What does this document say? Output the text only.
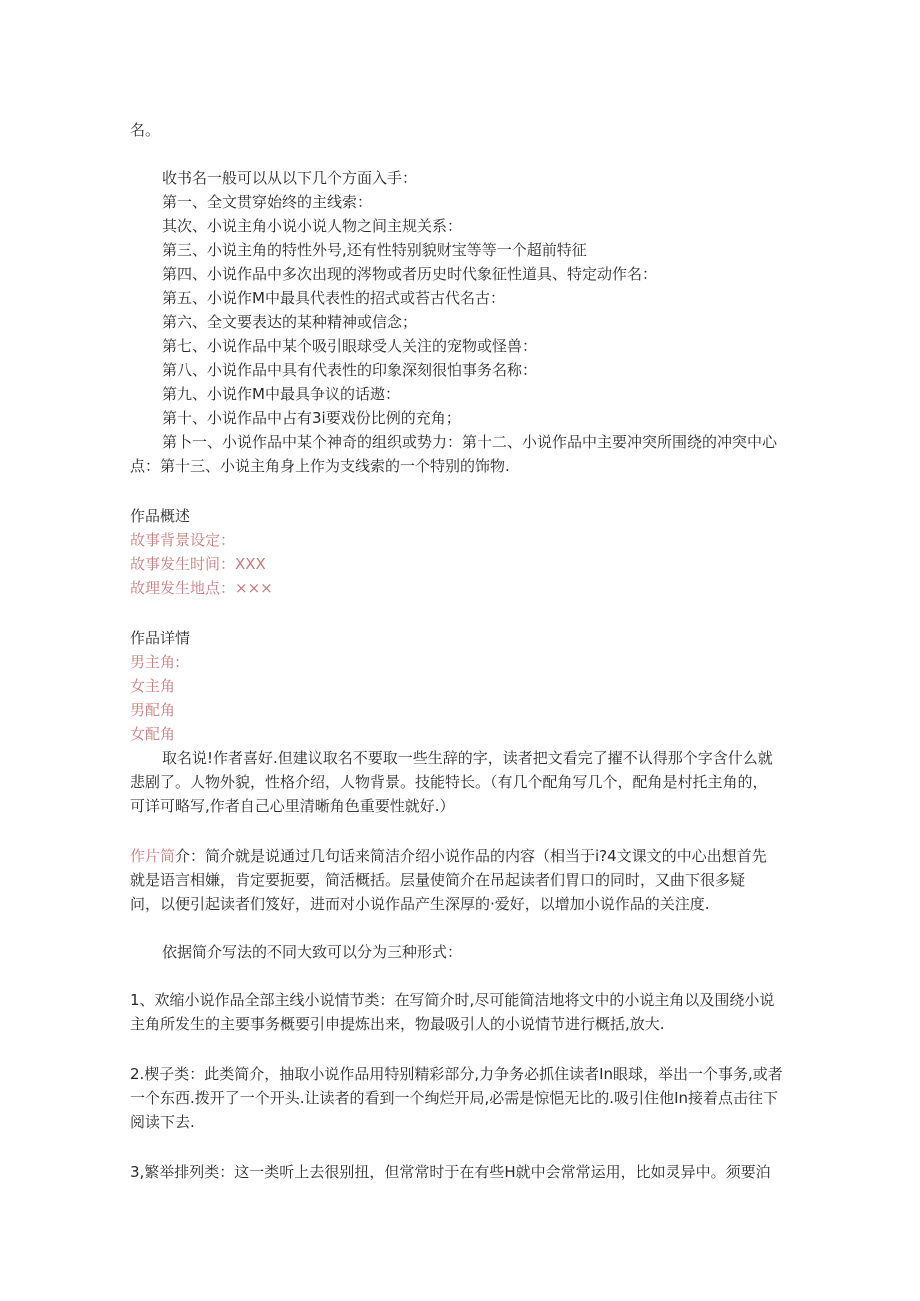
名。
收书名一般可以从以下几个方面入手：
第一、全文贯穿始终的主线索：
其次、小说主角小说小说人物之间主规关系：
第三、小说主角的特性外号,还有性特别貌财宝等等一个超前特征
第四、小说作品中多次出现的涔物或者历史时代象征性道具、特定动作名：
第五、小说作M中最具代表性的招式或苔古代名古：
第六、全文要表达的某种精神或信念；
第七、小说作品中某个吸引眼球受人关注的宠物或怪兽：
第八、小说作品中具有代表性的印象深刻很怕事务名称：
第九、小说作M中最具争议的话遨：
第十、小说作品中占有3i要戏份比例的充角；
第卜一、小说作品中某个神奇的组织或势力：第十二、小说作品中主要冲突所围绕的冲突中心
点：第十三、小说主角身上作为支线索的一个特别的饰物.
作品概述
故事背景设定：
故事发生时间：XXX
故理发生地点：×××
作品详情
男主角:
女主角
男配角
女配角
取名说!作者喜好.但建议取名不要取一些生辞的字，读者把文看完了擢不认得那个字含什么就
悲剧了。人物外貌，性格介绍，人物背景。技能特长。（有几个配角写几个，配角是村托主角的，
可详可略写,作者自己心里清晰角色重要性就好.）
作片简介：简介就是说通过几句话来简洁介绍小说作品的内容（相当于i?4文课文的中心出想首先
就是语言相嫌，肯定要扼要，简活概括。层量使简介在吊起读者们胃口的同时，又曲下很多疑
问，以便引起读者们笈好，进而对小说作品产生深厚的·爱好，以增加小说作品的关注度.
依据简介写法的不同大致可以分为三种形式：
1、欢缩小说作品全部主线小说情节类：在写简介时,尽可能简洁地将文中的小说主角以及围绕小说
主角所发生的主要事务概要引申提炼出来，物最吸引人的小说情节进行概括,放大.
2.楔子类：此类简介，抽取小说作品用特别精彩部分,力争务必抓住读者In眼球，举出一个事务,或者
一个东西.拨开了一个开头.让读者的看到一个绚烂开局,必需是惊悒无比的.吸引住他In接着点击往下
阅读下去.
3,繁举排列类：这一类听上去很别扭，但常常时于在有些H就中会常常运用，比如灵异中。须要泊
